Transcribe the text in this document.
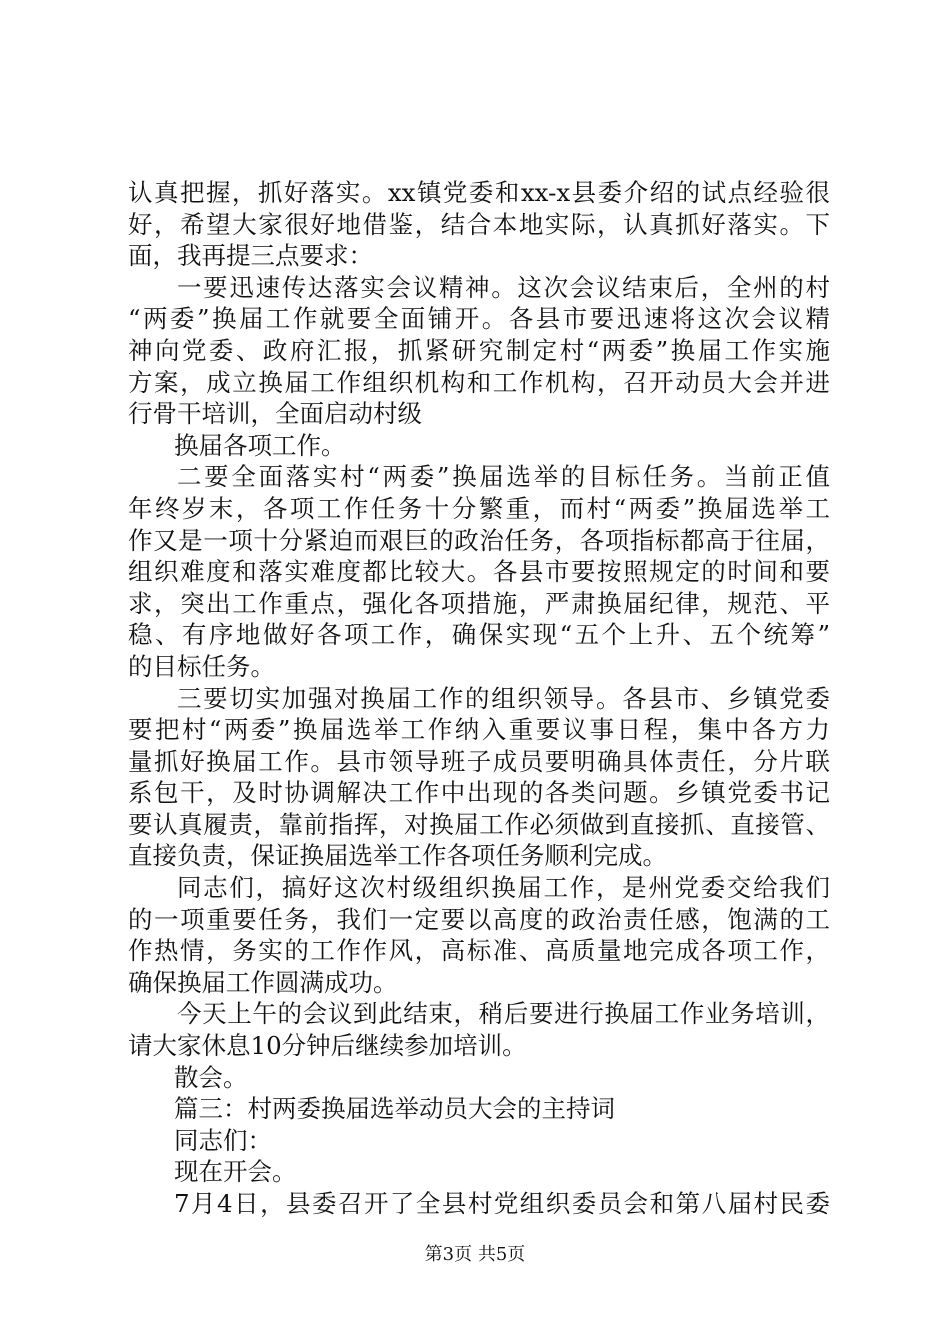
认真把握，抓好落实。xx镇党委和xx-x县委介绍的试点经验很
好，希望大家很好地借鉴，结合本地实际，认真抓好落实。下
面，我再提三点要求：
一要迅速传达落实会议精神。这次会议结束后，全州的村
“两委”换届工作就要全面铺开。各县市要迅速将这次会议精
神向党委、政府汇报，抓紧研究制定村“两委”换届工作实施
方案，成立换届工作组织机构和工作机构，召开动员大会并进
行骨干培训，全面启动村级
换届各项工作。
二要全面落实村“两委”换届选举的目标任务。当前正值
年终岁末，各项工作任务十分繁重，而村“两委”换届选举工
作又是一项十分紧迫而艰巨的政治任务，各项指标都高于往届，
组织难度和落实难度都比较大。各县市要按照规定的时间和要
求，突出工作重点，强化各项措施，严肃换届纪律，规范、平
稳、有序地做好各项工作，确保实现“五个上升、五个统筹”
的目标任务。
三要切实加强对换届工作的组织领导。各县市、乡镇党委
要把村“两委”换届选举工作纳入重要议事日程，集中各方力
量抓好换届工作。县市领导班子成员要明确具体责任，分片联
系包干，及时协调解决工作中出现的各类问题。乡镇党委书记
要认真履责，靠前指挥，对换届工作必须做到直接抓、直接管、
直接负责，保证换届选举工作各项任务顺利完成。
同志们，搞好这次村级组织换届工作，是州党委交给我们
的一项重要任务，我们一定要以高度的政治责任感，饱满的工
作热情，务实的工作作风，高标准、高质量地完成各项工作，
确保换届工作圆满成功。
今天上午的会议到此结束，稍后要进行换届工作业务培训，
请大家休息10分钟后继续参加培训。
散会。
篇三：村两委换届选举动员大会的主持词
同志们：
现在开会。
7月4日，县委召开了全县村党组织委员会和第八届村民委
第3页 共5页
